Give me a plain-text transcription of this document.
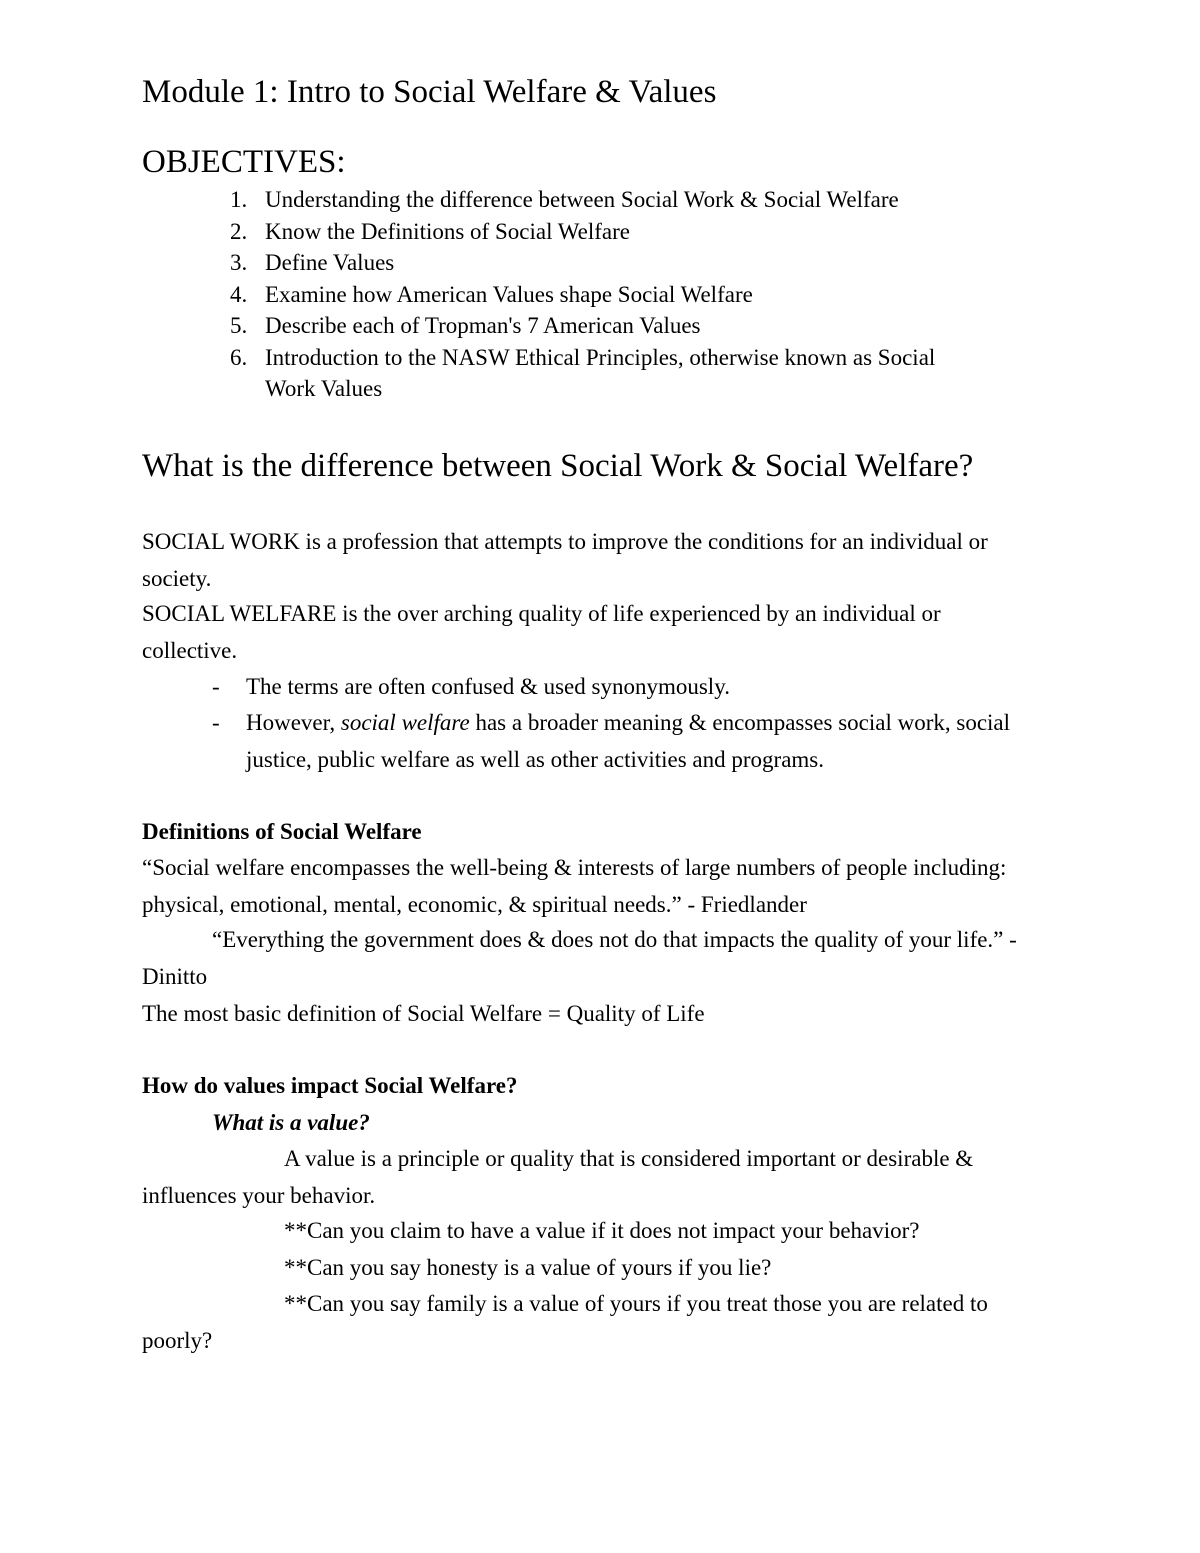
Module 1: Intro to Social Welfare & Values
OBJECTIVES:
1. Understanding the difference between Social Work & Social Welfare
2. Know the Definitions of Social Welfare
3. Define Values
4. Examine how American Values shape Social Welfare
5. Describe each of Tropman's 7 American Values
6. Introduction to the NASW Ethical Principles, otherwise known as Social Work Values
What is the difference between Social Work & Social Welfare?
SOCIAL WORK is a profession that attempts to improve the conditions for an individual or society.
SOCIAL WELFARE is the over arching quality of life experienced by an individual or collective.
- The terms are often confused & used synonymously.
- However, social welfare has a broader meaning & encompasses social work, social justice, public welfare as well as other activities and programs.
Definitions of Social Welfare
“Social welfare encompasses the well-being & interests of large numbers of people including: physical, emotional, mental, economic, & spiritual needs.” - Friedlander
“Everything the government does & does not do that impacts the quality of your life.” - Dinitto
The most basic definition of Social Welfare = Quality of Life
How do values impact Social Welfare?
What is a value?
A value is a principle or quality that is considered important or desirable & influences your behavior.
**Can you claim to have a value if it does not impact your behavior?
**Can you say honesty is a value of yours if you lie?
**Can you say family is a value of yours if you treat those you are related to poorly?
